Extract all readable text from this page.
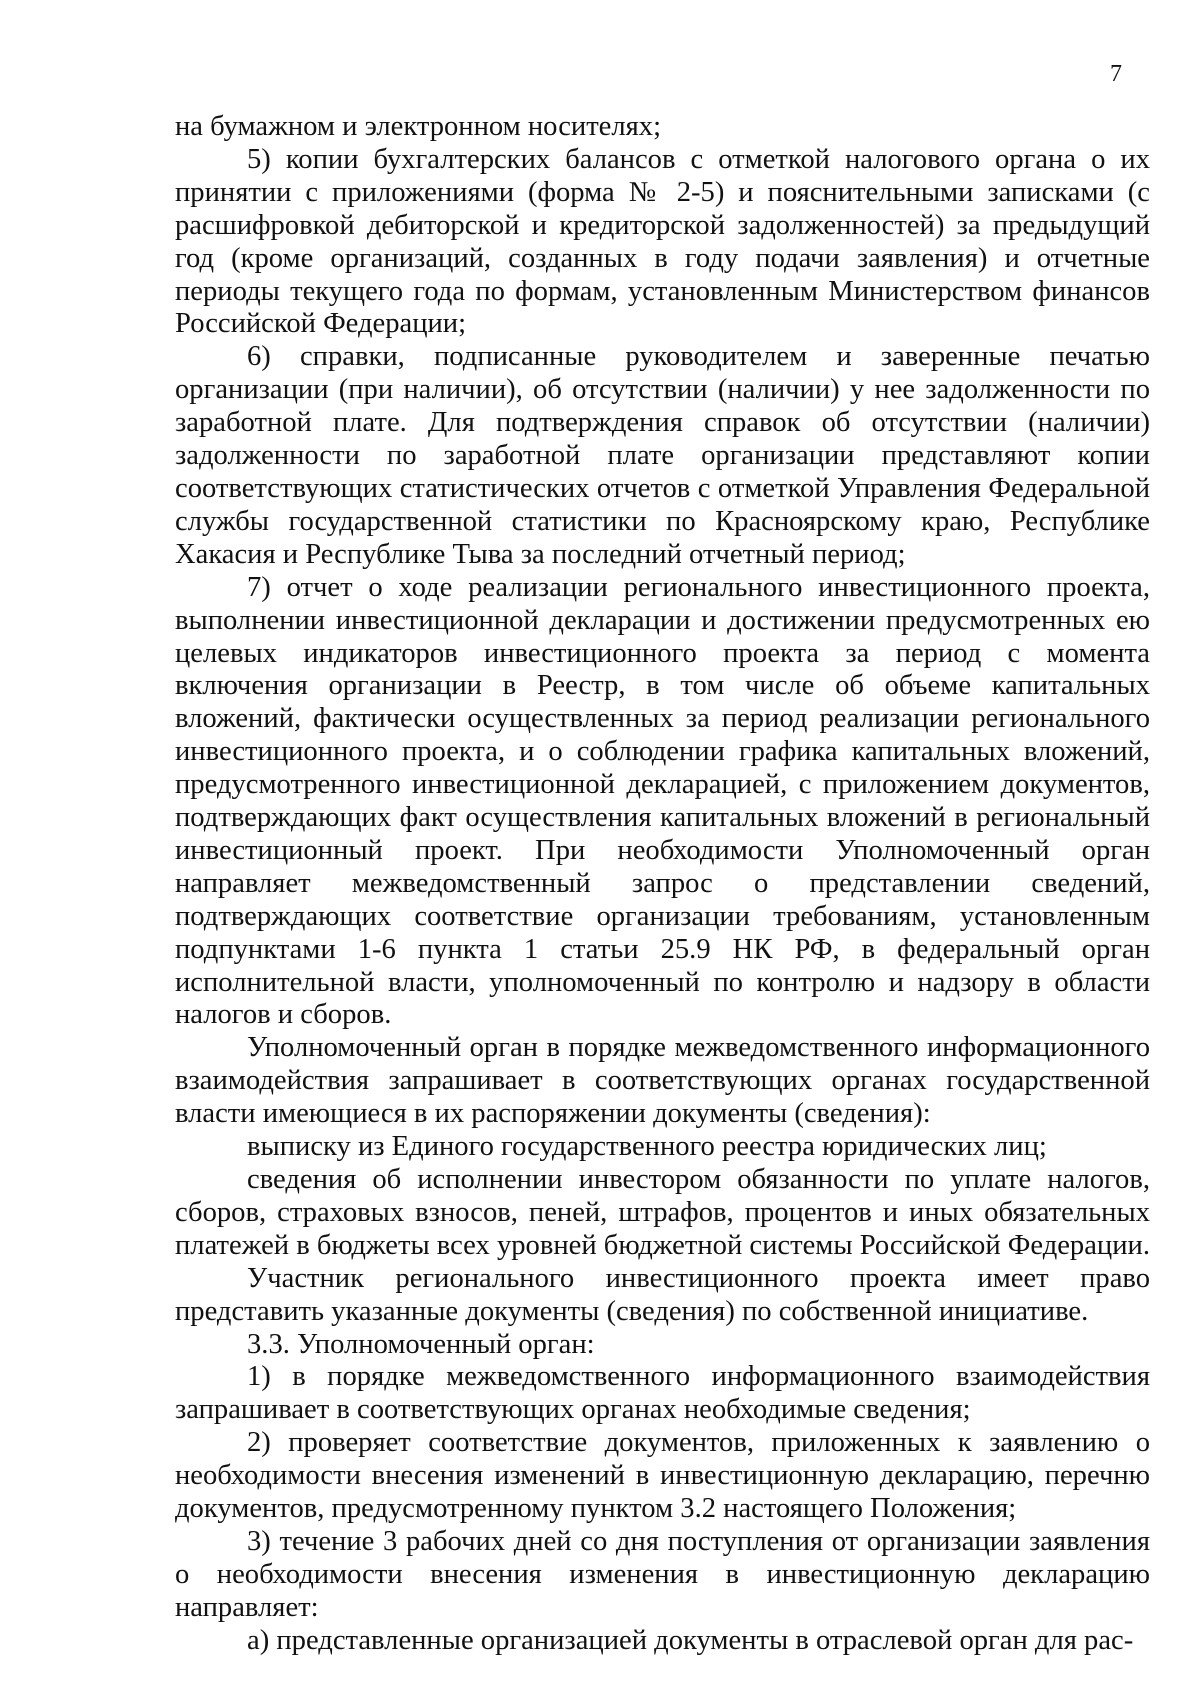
7

на бумажном и электронном носителях;

5) копии бухгалтерских балансов с отметкой налогового органа о их принятии с приложениями (форма № 2-5) и пояснительными записками (с расшифровкой дебиторской и кредиторской задолженностей) за предыдущий год (кроме организаций, созданных в году подачи заявления) и отчетные периоды текущего года по формам, установленным Министерством финансов Российской Федерации;

6) справки, подписанные руководителем и заверенные печатью организации (при наличии), об отсутствии (наличии) у нее задолженности по заработной плате. Для подтверждения справок об отсутствии (наличии) задолженности по заработной плате организации представляют копии соответствующих статистических отчетов с отметкой Управления Федеральной службы государственной статистики по Красноярскому краю, Республике Хакасия и Республике Тыва за последний отчетный период;

7) отчет о ходе реализации регионального инвестиционного проекта, выполнении инвестиционной декларации и достижении предусмотренных ею целевых индикаторов инвестиционного проекта за период с момента включения организации в Реестр, в том числе об объеме капитальных вложений, фактически осуществленных за период реализации регионального инвестиционного проекта, и о соблюдении графика капитальных вложений, предусмотренного инвестиционной декларацией, с приложением документов, подтверждающих факт осуществления капитальных вложений в региональный инвестиционный проект. При необходимости Уполномоченный орган направляет межведомственный запрос о представлении сведений, подтверждающих соответствие организации требованиям, установленным подпунктами 1-6 пункта 1 статьи 25.9 НК РФ, в федеральный орган исполнительной власти, уполномоченный по контролю и надзору в области налогов и сборов.

Уполномоченный орган в порядке межведомственного информационного взаимодействия запрашивает в соответствующих органах государственной власти имеющиеся в их распоряжении документы (сведения):

выписку из Единого государственного реестра юридических лиц;

сведения об исполнении инвестором обязанности по уплате налогов, сборов, страховых взносов, пеней, штрафов, процентов и иных обязательных платежей в бюджеты всех уровней бюджетной системы Российской Федерации.

Участник регионального инвестиционного проекта имеет право представить указанные документы (сведения) по собственной инициативе.

3.3. Уполномоченный орган:

1) в порядке межведомственного информационного взаимодействия запрашивает в соответствующих органах необходимые сведения;

2) проверяет соответствие документов, приложенных к заявлению о необходимости внесения изменений в инвестиционную декларацию, перечню документов, предусмотренному пунктом 3.2 настоящего Положения;

3) течение 3 рабочих дней со дня поступления от организации заявления о необходимости внесения изменения в инвестиционную декларацию направляет:

а) представленные организацией документы в отраслевой орган для рас-
